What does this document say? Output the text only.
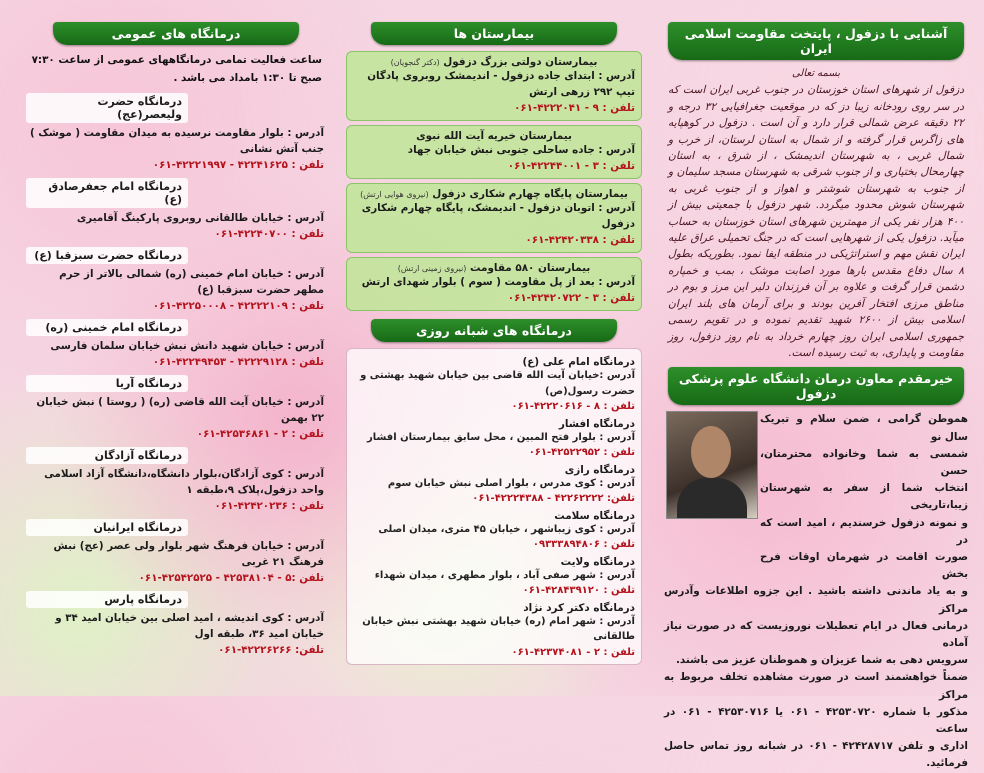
درمانگاه های عمومی
ساعت فعالیت تمامی درمانگاههای عمومی از ساعت ۷:۳۰ صبح تا ۱:۳۰ بامداد می باشد .
درمانگاه حضرت ولیعصر(عج)
آدرس : بلوار مقاومت نرسیده به میدان مقاومت ( موشک ) جنب آتش نشانی
تلفن : ۴۲۲۴۱۶۲۵ - ۴۲۲۲۱۹۹۷-۰۶۱
درمانگاه امام جعفرصادق (ع)
آدرس : خیابان طالقانی روبروی پارکینگ آقامیری
تلفن : ۴۲۲۴۰۷۰۰-۰۶۱
درمانگاه حضرت سبزقبا (ع)
آدرس : خیابان امام خمینی (ره) شمالی بالاتر از حرم مطهر حضرت سبزقبا (ع)
تلفن : ۴۲۲۲۲۱۰۹ - ۴۲۲۵۰۰۰۸-۰۶۱
درمانگاه امام خمینی (ره)
آدرس : خیابان شهید دانش نبش خیابان سلمان فارسی
تلفن : ۴۲۲۲۹۱۲۸ - ۴۲۲۴۹۴۵۳-۰۶۱
درمانگاه آریا
آدرس : خیابان آیت الله قاضی (ره) ( روستا ) نبش خیابان ۲۲ بهمن
تلفن : ۲ - ۴۲۵۳۶۸۶۱-۰۶۱
درمانگاه آزادگان
آدرس : کوی آزادگان،بلوار دانشگاه،دانشگاه آزاد اسلامی واحد دزفول،پلاک ۹،طبقه ۱
تلفن : ۴۲۴۲۰۲۳۶-۰۶۱
درمانگاه ایرانیان
آدرس : خیابان فرهنگ شهر بلوار ولی عصر (عج) نبش فرهنگ ۲۱ غربی
تلفن :۵ - ۴۲۵۳۸۱۰۴ - ۴۲۵۴۲۵۲۵-۰۶۱
درمانگاه پارس
آدرس : کوی اندیشه ، امید اصلی بین خیابان امید ۳۴ و خیابان امید ۳۶، طبقه اول
تلفن: ۴۲۲۲۶۲۶۶-۰۶۱
بیمارستان ها
بیمارستان دولتی بزرگ دزفول (دکتر گنجویان)
آدرس : ابتدای جاده دزفول - اندیمشک روبروی پادگان تیپ ۲۹۲ زرهی ارتش
تلفن : ۹ - ۴۲۲۲۰۴۱-۰۶۱
بیمارستان خیریه آیت الله نبوی
آدرس : جاده ساحلی جنوبی نبش خیابان جهاد
تلفن : ۳ - ۴۲۲۴۴۰۰۱-۰۶۱
بیمارستان پایگاه چهارم شکاری دزفول (نیروی هوایی ارتش)
آدرس : اتوبان دزفول - اندیمشک، پایگاه چهارم شکاری دزفول
تلفن : ۴۲۴۲۰۳۳۸-۰۶۱
بیمارستان ۵۸۰ مقاومت (نیروی زمینی ارتش)
آدرس : بعد از پل مقاومت ( سوم ) بلوار شهدای ارتش
تلفن : ۳ - ۴۲۴۲۰۷۲۲-۰۶۱
درمانگاه های شبانه روزی
درمانگاه امام علی (ع)
آدرس :خیابان آیت الله قاضی بین خیابان شهید بهشتی و حضرت رسول(ص)
تلفن : ۸ - ۴۲۲۲۰۶۱۶-۰۶۱
درمانگاه افشار
آدرس : بلوار فتح المبین ، محل سابق بیمارستان افشار
تلفن : ۴۲۵۲۲۹۵۲-۰۶۱
درمانگاه رازی
آدرس : کوی مدرس ، بلوار اصلی نبش خیابان سوم
تلفن: ۴۲۲۶۲۲۲۲ - ۴۲۲۲۴۳۸۸-۰۶۱
درمانگاه سلامت
آدرس : کوی زیباشهر ، خیابان ۴۵ متری، میدان اصلی
تلفن : ۰۹۳۳۳۸۹۴۸۰۶
درمانگاه ولایت
آدرس : شهر صفی آباد ، بلوار مطهری ، میدان شهداء
تلفن : ۴۲۸۴۳۹۱۲۰-۰۶۱
درمانگاه دکتر کرد نژاد
آدرس : شهر امام (ره) خیابان شهید بهشتی نبش خیابان طالقانی
تلفن : ۲ - ۴۲۳۷۴۰۸۱-۰۶۱
آشنایی با دزفول ، پایتخت مقاومت اسلامی ایران
بسمه تعالی
دزفول از شهرهای استان خوزستان در جنوب غربی ایران است که در سر روی رودخانه زیبا دز که در موقعیت جغرافیایی ۳۲ درجه و ۲۲ دقیقه عرض شمالی قرار دارد و آن است . دزفول در کوهپایه های زاگرس قرار گرفته و از شمال به استان لرستان، از خرب و شمال غربی ، به شهرستان اندیمشک ، از شرق ، به استان چهارمحال بختیاری و از جنوب شرقی به شهرستان مسجد سلیمان و از جنوب به شهرستان شوشتر و اهواز و از جنوب غربی به شهرستان شوش محدود میگردد. شهر دزفول با جمعیتی بیش از ۴۰۰ هزار نفر یکی از مهمترین شهرهای استان خوزستان به حساب میآید. دزفول یکی از شهرهایی است که در جنگ تحمیلی عراق علیه ایران نقش مهم و استراتژیکی در منطقه ایفا نمود. بطوریکه بطول ۸ سال دفاع مقدس بارها مورد اصابت موشک ، بمب و خمپاره دشمن قرار گرفت و علاوه بر آن فرزندان دلیر این مرز و بوم در مناطق مرزی افتخار آفرین بودند و برای آرمان های بلند ایران اسلامی بیش از ۲۶۰۰ شهید تقدیم نموده و در تقویم رسمی جمهوری اسلامی ایران روز چهارم خرداد به نام روز دزفول، روز مقاومت و پایداری، به ثبت رسیده است.
خیرمقدم معاون درمان دانشگاه علوم پزشکی دزفول
هموطن گرامی ، ضمن سلام و تبریک سال نو
شمسی به شما وخانواده محترمتان، حسن
انتخاب شما از سفر به شهرستان زیبا،تاریخی
و نمونه دزفول خرسندیم ، امید است که در
صورت اقامت در شهرمان اوقات فرح بخش
و به یاد ماندنی داشته باشید . این جزوه اطلاعات وآدرس مراکز
درمانی فعال در ایام تعطیلات نوروزیست که در صورت نیاز آماده
سرویس دهی به شما عزیزان و هموطنان عزیز می باشند.
ضمناً خواهشمند است در صورت مشاهده تخلف مربوط به مراکز
مذکور با شماره ۴۲۵۳۰۷۲۰ - ۰۶۱ یا ۴۲۵۳۰۷۱۶ - ۰۶۱ در ساعت
اداری و تلفن ۴۲۴۲۸۷۱۷ - ۰۶۱ در شبانه روز تماس حاصل فرمائید.
